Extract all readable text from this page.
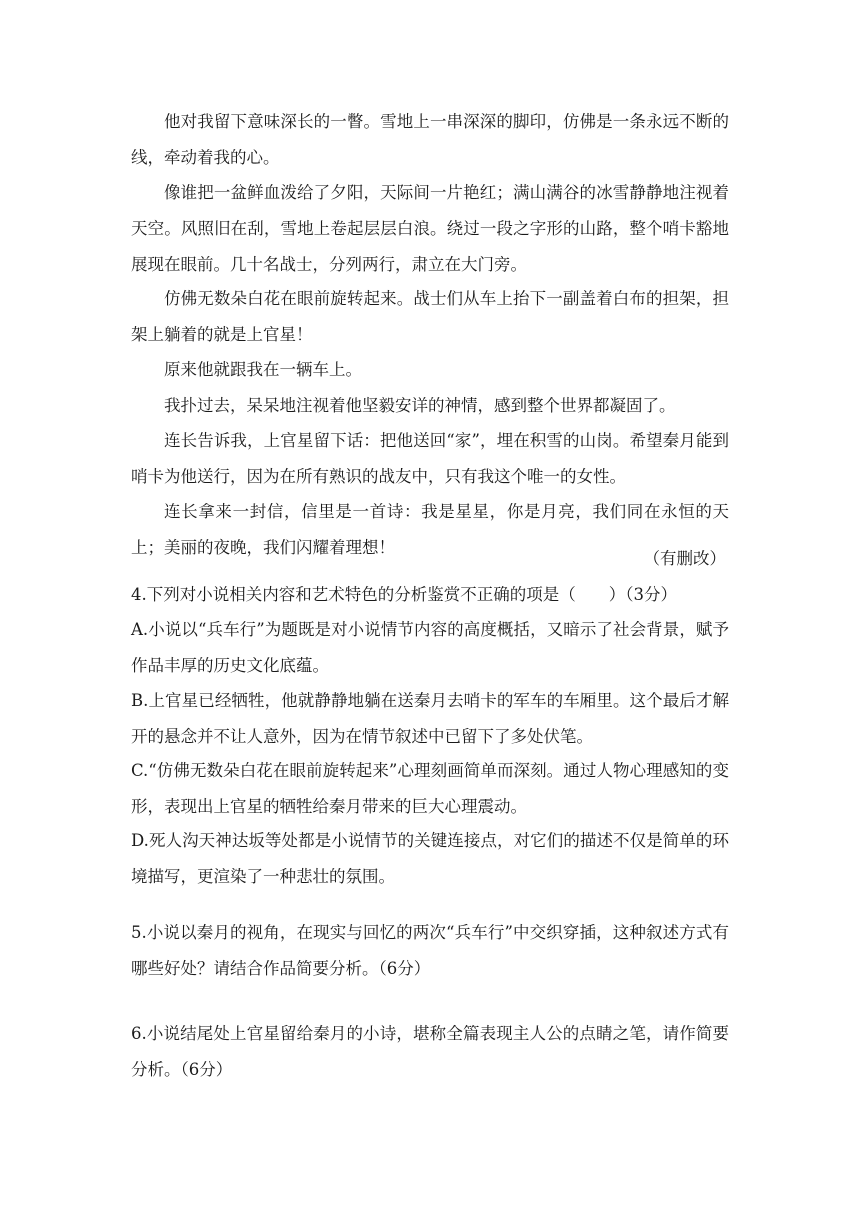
他对我留下意味深长的一瞥。雪地上一串深深的脚印，仿佛是一条永远不断的线，牵动着我的心。

像谁把一盆鲜血泼给了夕阳，天际间一片艳红；满山满谷的冰雪静静地注视着天空。风照旧在刮，雪地上卷起层层白浪。绕过一段之字形的山路，整个哨卡豁地展现在眼前。几十名战士，分列两行，肃立在大门旁。

仿佛无数朵白花在眼前旋转起来。战士们从车上抬下一副盖着白布的担架，担架上躺着的就是上官星！

原来他就跟我在一辆车上。

我扑过去，呆呆地注视着他坚毅安详的神情，感到整个世界都凝固了。

连长告诉我，上官星留下话：把他送回“家”，埋在积雪的山岗。希望秦月能到哨卡为他送行，因为在所有熟识的战友中，只有我这个唯一的女性。

连长拿来一封信，信里是一首诗：我是星星，你是月亮，我们同在永恒的天上；美丽的夜晚，我们闪耀着理想！

（有删改）

4.下列对小说相关内容和艺术特色的分析鉴赏不正确的项是（　　）（3分）

A.小说以“兵车行”为题既是对小说情节内容的高度概括，又暗示了社会背景，赋予作品丰厚的历史文化底蕴。

B.上官星已经牺牲，他就静静地躺在送秦月去哨卡的军车的车厢里。这个最后才解开的悬念并不让人意外，因为在情节叙述中已留下了多处伏笔。

C.“仿佛无数朵白花在眼前旋转起来”心理刻画简单而深刻。通过人物心理感知的变形，表现出上官星的牺牲给秦月带来的巨大心理震动。

D.死人沟天神达坂等处都是小说情节的关键连接点，对它们的描述不仅是简单的环境描写，更渲染了一种悲壮的氛围。

5.小说以秦月的视角，在现实与回忆的两次“兵车行”中交织穿插，这种叙述方式有哪些好处？请结合作品简要分析。（6分）

6.小说结尾处上官星留给秦月的小诗，堪称全篇表现主人公的点睛之笔，请作简要分析。（6分）
